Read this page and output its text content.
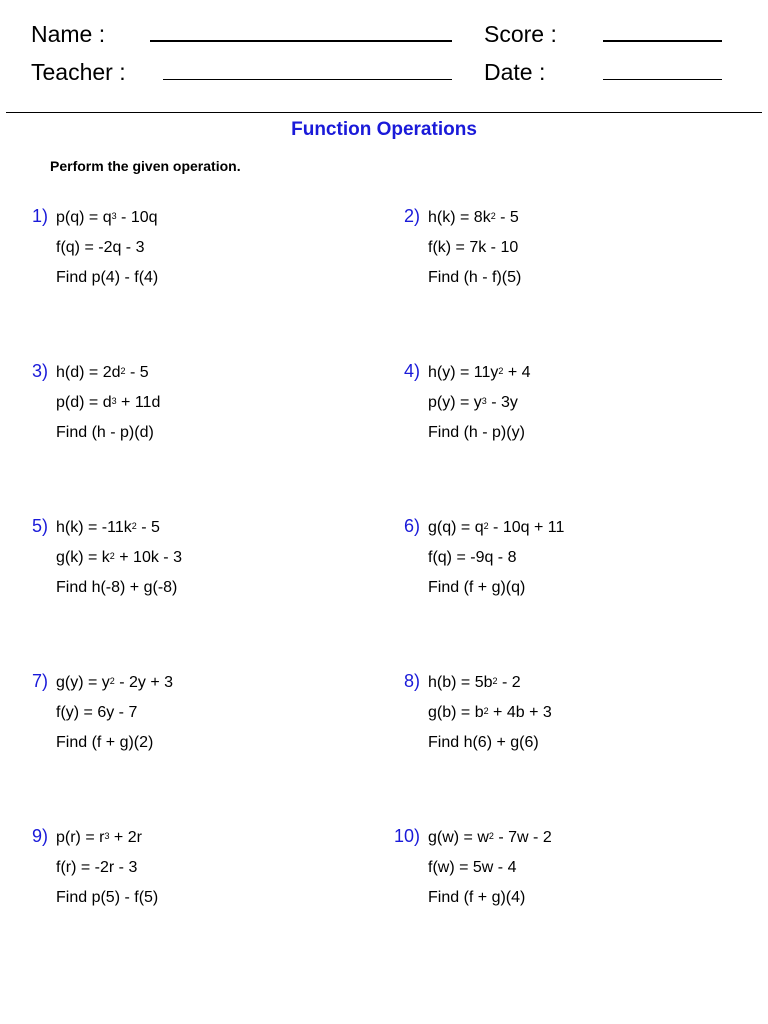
Name :	Score :
Teacher :	Date :
Function Operations
Perform the given operation.
1) $p(q) = q^3 - 10q$
f(q) = -2q - 3
Find p(4) - f(4)
2) $h(k) = 8k^2 - 5$
f(k) = 7k - 10
Find (h - f)(5)
3) $h(d) = 2d^2 - 5$
$p(d) = d^3 + 11d$
Find (h - p)(d)
4) $h(y) = 11y^2 + 4$
$p(y) = y^3 - 3y$
Find (h - p)(y)
5) $h(k) = -11k^2 - 5$
$g(k) = k^2 + 10k - 3$
Find h(-8) + g(-8)
6) $g(q) = q^2 - 10q + 11$
f(q) = -9q - 8
Find (f + g)(q)
7) $g(y) = y^2 - 2y + 3$
f(y) = 6y - 7
Find (f + g)(2)
8) $h(b) = 5b^2 - 2$
$g(b) = b^2 + 4b + 3$
Find h(6) + g(6)
9) $p(r) = r^3 + 2r$
f(r) = -2r - 3
Find p(5) - f(5)
10) $g(w) = w^2 - 7w - 2$
f(w) = 5w - 4
Find (f + g)(4)
